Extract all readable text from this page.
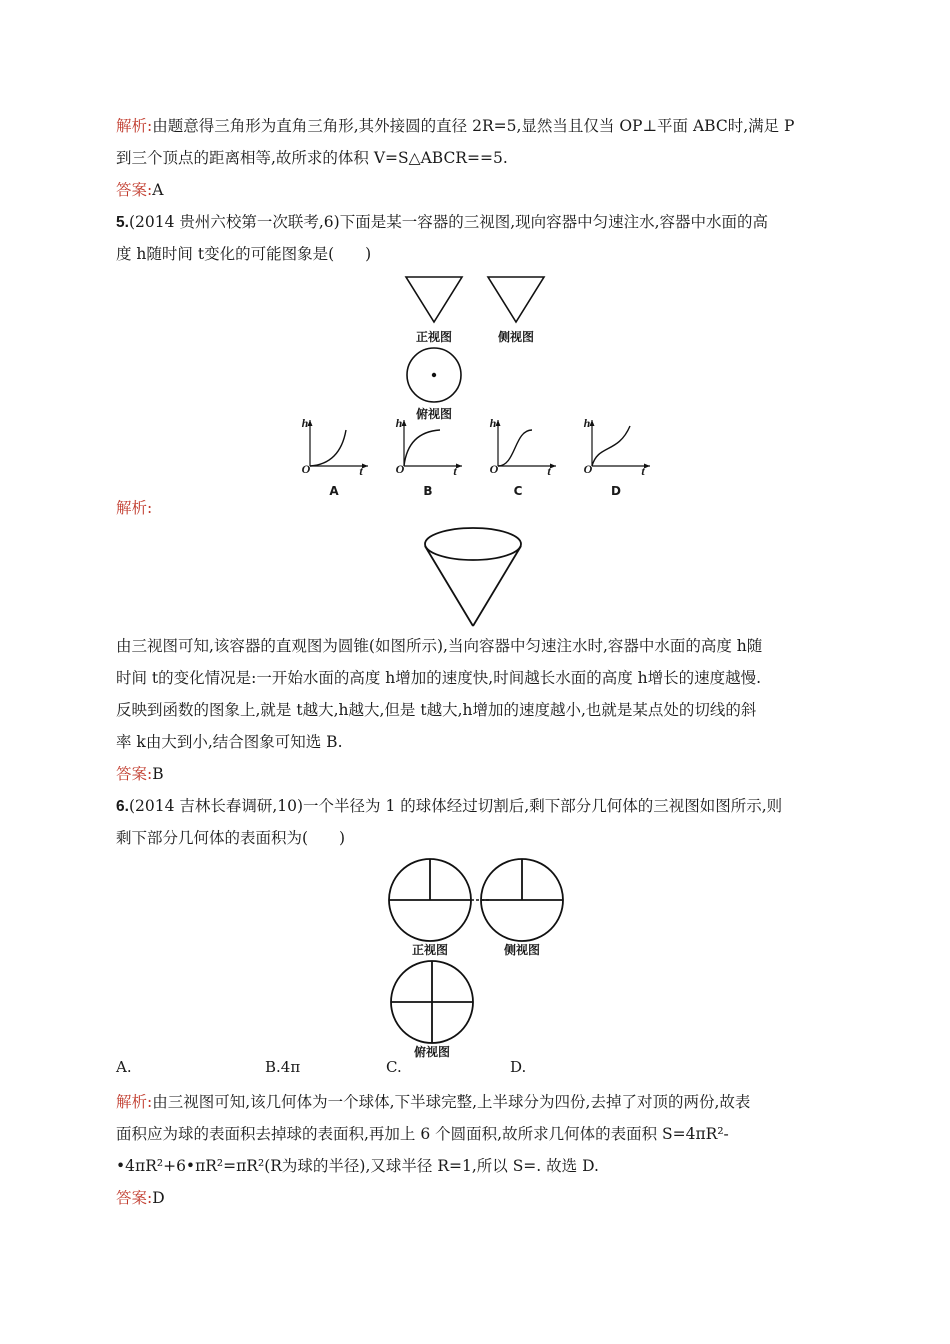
解析:由题意得三角形为直角三角形,其外接圆的直径 2R=5,显然当且仅当 OP⊥平面 ABC时,满足 P
到三个顶点的距离相等,故所求的体积 V=S△ABCR==5.
答案:A
5.(2014 贵州六校第一次联考,6)下面是某一容器的三视图,现向容器中匀速注水,容器中水面的高
度 h随时间 t变化的可能图象是(　　)
正视图	侧视图
俯视图
h
O	t
A
h
O	t
B
h
O	t
C
h
O	t
D
解析:
由三视图可知,该容器的直观图为圆锥(如图所示),当向容器中匀速注水时,容器中水面的高度 h随
时间 t的变化情况是:一开始水面的高度 h增加的速度快,时间越长水面的高度 h增长的速度越慢.
反映到函数的图象上,就是 t越大,h越大,但是 t越大,h增加的速度越小,也就是某点处的切线的斜
率 k由大到小,结合图象可知选 B.
答案:B
6.(2014 吉林长春调研,10)一个半径为 1 的球体经过切割后,剩下部分几何体的三视图如图所示,则
剩下部分几何体的表面积为(　　)
正视图	侧视图
俯视图
A.	B.4π	C.	D.
解析:由三视图可知,该几何体为一个球体,下半球完整,上半球分为四份,去掉了对顶的两份,故表
面积应为球的表面积去掉球的表面积,再加上 6 个圆面积,故所求几何体的表面积 S=4πR²-
•4πR²+6•πR²=πR²(R为球的半径),又球半径 R=1,所以 S=. 故选 D.
答案:D
